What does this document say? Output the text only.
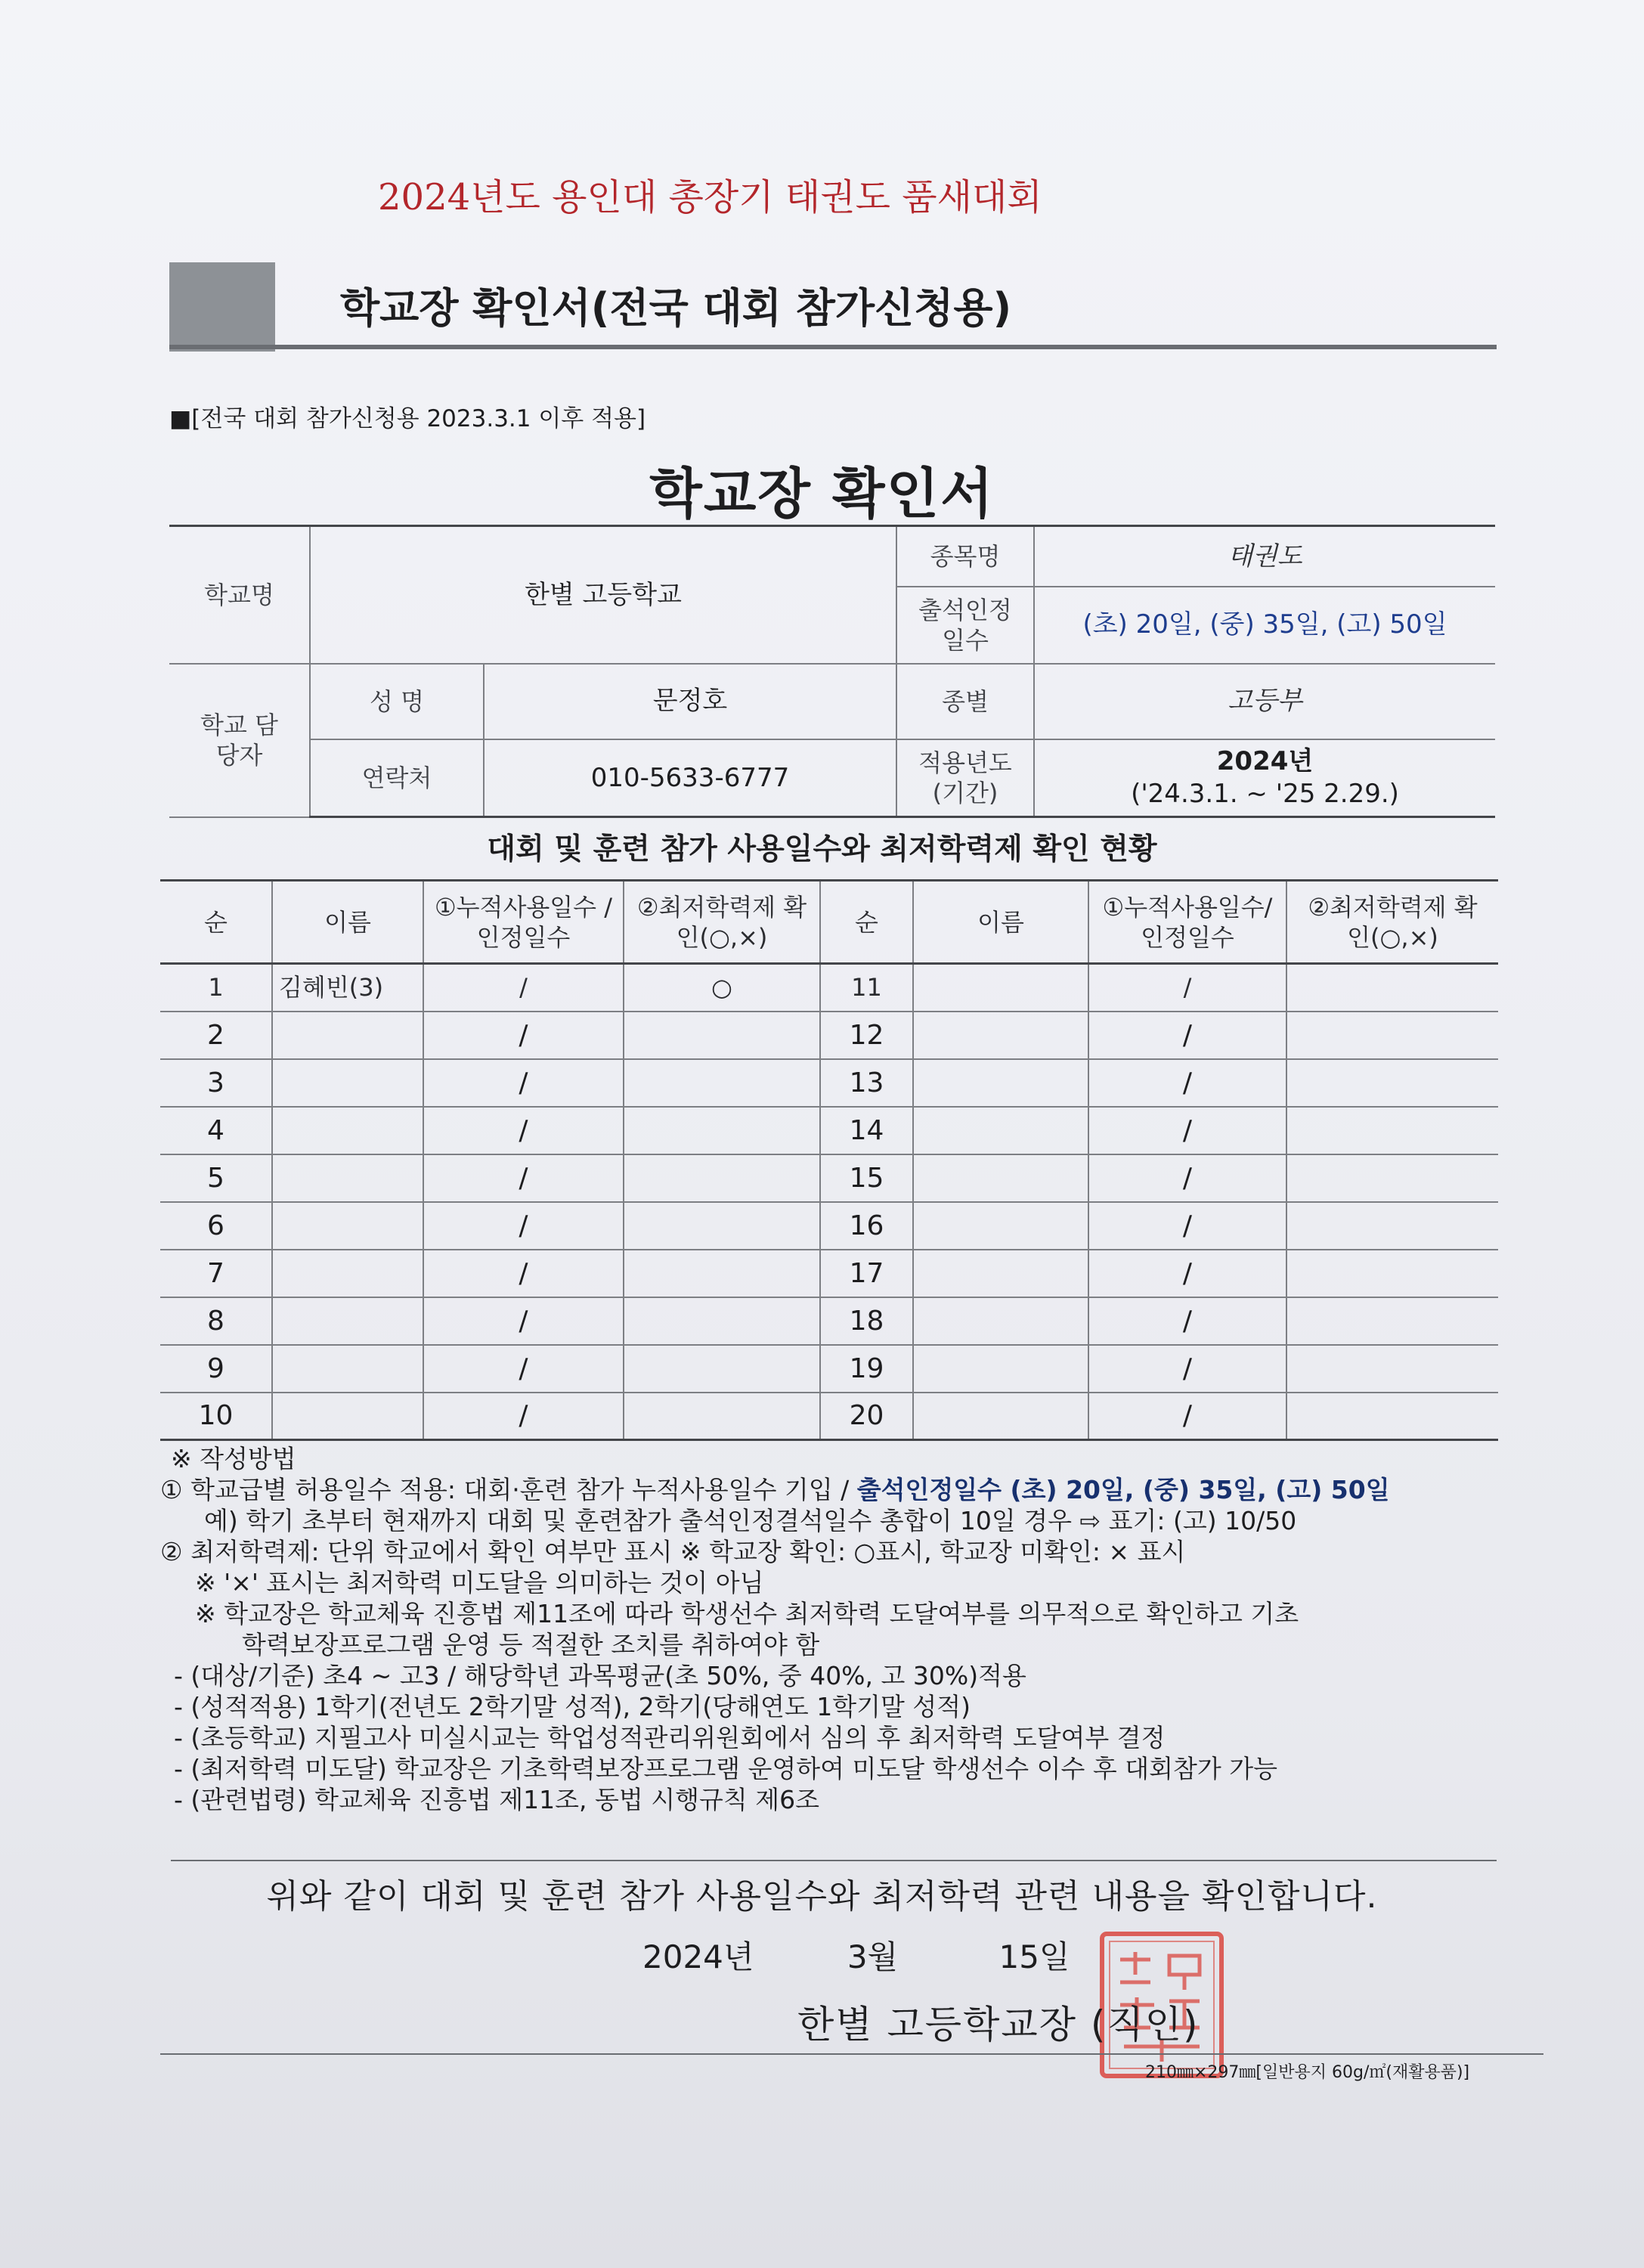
2024년도 용인대 총장기 태권도 품새대회
학교장 확인서(전국 대회 참가신청용)
■[전국 대회 참가신청용 2023.3.1 이후 적용]
학교장 확인서
학교명	한별 고등학교		종목명	태권도
			출석인정 일수	(초) 20일, (중) 35일, (고) 50일
학교 담당자	성 명	문정호	종별	고등부
	연락처	010-5633-6777	적용년도 (기간)	2024년
('24.3.1. ~ '25 2.29.)
대회 및 훈련 참가 사용일수와 최저학력제 확인 현황
순	이름	①누적사용일수 /인정일수	②최저학력제 확인(○,×)	순	이름	①누적사용일수/ 인정일수	②최저학력제 확인(○,×)
1	김혜빈(3)	/	○	11		/	
2		/		12		/	
3		/		13		/	
4		/		14		/	
5		/		15		/	
6		/		16		/	
7		/		17		/	
8		/		18		/	
9		/		19		/	
10		/		20		/	
※ 작성방법
① 학교급별 허용일수 적용: 대회·훈련 참가 누적사용일수 기입 / 출석인정일수 (초) 20일, (중) 35일, (고) 50일
예) 학기 초부터 현재까지 대회 및 훈련참가 출석인정결석일수 총합이 10일 경우 ⇨ 표기: (고) 10/50
② 최저학력제: 단위 학교에서 확인 여부만 표시 ※ 학교장 확인: ○표시, 학교장 미확인: × 표시
※ '×' 표시는 최저학력 미도달을 의미하는 것이 아님
※ 학교장은 학교체육 진흥법 제11조에 따라 학생선수 최저학력 도달여부를 의무적으로 확인하고 기초
학력보장프로그램 운영 등 적절한 조치를 취하여야 함
- (대상/기준) 초4 ~ 고3 / 해당학년 과목평균(초 50%, 중 40%, 고 30%)적용
- (성적적용) 1학기(전년도 2학기말 성적), 2학기(당해연도 1학기말 성적)
- (초등학교) 지필고사 미실시교는 학업성적관리위원회에서 심의 후 최저학력 도달여부 결정
- (최저학력 미도달) 학교장은 기초학력보장프로그램 운영하여 미도달 학생선수 이수 후 대회참가 가능
- (관련법령) 학교체육 진흥법 제11조, 동법 시행규칙 제6조
위와 같이 대회 및 훈련 참가 사용일수와 최저학력 관련 내용을 확인합니다.
2024년	3월	15일
한별 고등학교장 (직인)
210㎜×297㎜[일반용지 60g/㎡(재활용품)]
